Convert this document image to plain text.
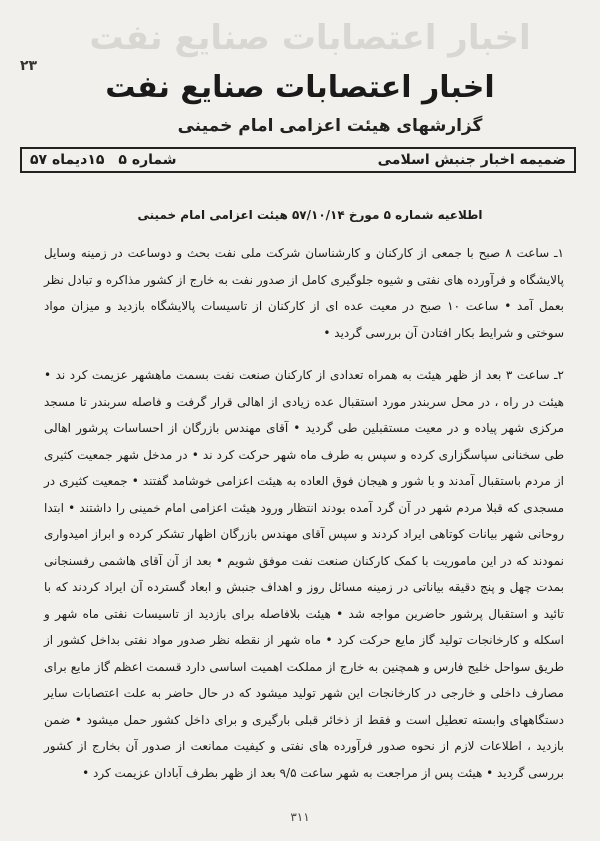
اخبار اعتصابات صنایع نفت
۲۳
اخبار اعتصابات صنایع نفت
گزارشهای هیئت اعزامی امام خمینی
ضمیمه اخبار جنبش اسلامی
شماره ۵
۱۵دیماه ۵۷
اطلاعیه شماره ۵ مورخ ۵۷/۱۰/۱۴ هیئت اعزامی امام خمینی

۱ـ ساعت ۸ صبح با جمعی از کارکنان و کارشناسان شرکت ملی نفت بحث و دوساعت در زمینه وسایل پالایشگاه و فرآورده های نفتی و شیوه جلوگیری کامل از صدور نفت به خارج از کشور مذاکره و تبادل نظر بعمل آمد • ساعت ۱۰ صبح در معیت عده ای از کارکنان از تاسیسات پالایشگاه بازدید و میزان مواد سوختی و شرایط بکار افتادن آن بررسی گردید •

۲ـ ساعت ۳ بعد از ظهر هیئت به همراه تعدادی از کارکنان صنعت نفت بسمت ماهشهر عزیمت کرد ند • هیئت در راه ، در محل سربندر مورد استقبال عده زیادی از اهالی قرار گرفت و فاصله سربندر تا مسجد مرکزی شهر پیاده و در معیت مستقبلین طی گردید • آقای مهندس بازرگان از احساسات پرشور اهالی طی سخنانی سپاسگزاری کرده و سپس به طرف ماه شهر حرکت کرد ند • در مدخل شهر جمعیت کثیری از مردم باستقبال آمدند و با شور و هیجان فوق العاده به هیئت اعزامی خوشامد گفتند • جمعیت کثیری در مسجدی که قبلا مردم شهر در آن گرد آمده بودند انتظار ورود هیئت اعزامی امام خمینی را داشتند • ابتدا روحانی شهر بیانات کوتاهی ایراد کردند و سپس آقای مهندس بازرگان اظهار تشکر کرده و ابراز امیدواری نمودند که در این ماموریت با کمک کارکنان صنعت نفت موفق شویم • بعد از آن آقای هاشمی رفسنجانی بمدت چهل و پنج دقیقه بیاناتی در زمینه مسائل روز و اهداف جنبش و ابعاد گسترده آن ایراد کردند که با تائید و استقبال پرشور حاضرین مواجه شد • هیئت بلافاصله برای بازدید از تاسیسات نفتی ماه شهر و اسکله و کارخانجات تولید گاز مایع حرکت کرد • ماه شهر از نقطه نظر صدور مواد نفتی بداخل کشور از طریق سواحل خلیج فارس و همچنین به خارج از مملکت اهمیت اساسی دارد قسمت اعظم گاز مایع برای مصارف داخلی و خارجی در کارخانجات این شهر تولید میشود که در حال حاضر به علت اعتصابات سایر دستگاههای وابسته تعطیل است و فقط از ذخائر قبلی بارگیری و برای داخل کشور حمل میشود • ضمن بازدید ، اطلاعات لازم از نحوه صدور فرآورده های نفتی و کیفیت ممانعت از صدور آن بخارج از کشور بررسی گردید • هیئت پس از مراجعت به شهر ساعت ۹/۵ بعد از ظهر بطرف آبادان عزیمت کرد •

۳۱۱
